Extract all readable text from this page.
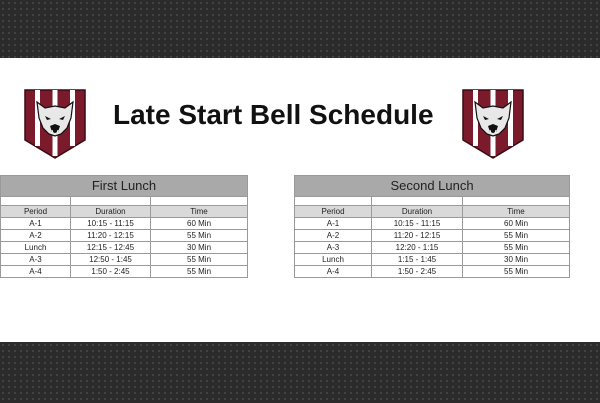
Late Start Bell Schedule
First Lunch		

Period	Duration	Time
A-1	10:15 - 11:15	60 Min
A-2	11:20 - 12:15	55 Min
Lunch	12:15 - 12:45	30 Min
A-3	12:50 - 1:45	55 Min
A-4	1:50 - 2:45	55 Min
Second Lunch		

Period	Duration	Time
A-1	10:15 - 11:15	60 Min
A-2	11:20 - 12:15	55 Min
A-3	12:20 - 1:15	55 Min
Lunch	1:15 - 1:45	30 Min
A-4	1:50 - 2:45	55 Min
